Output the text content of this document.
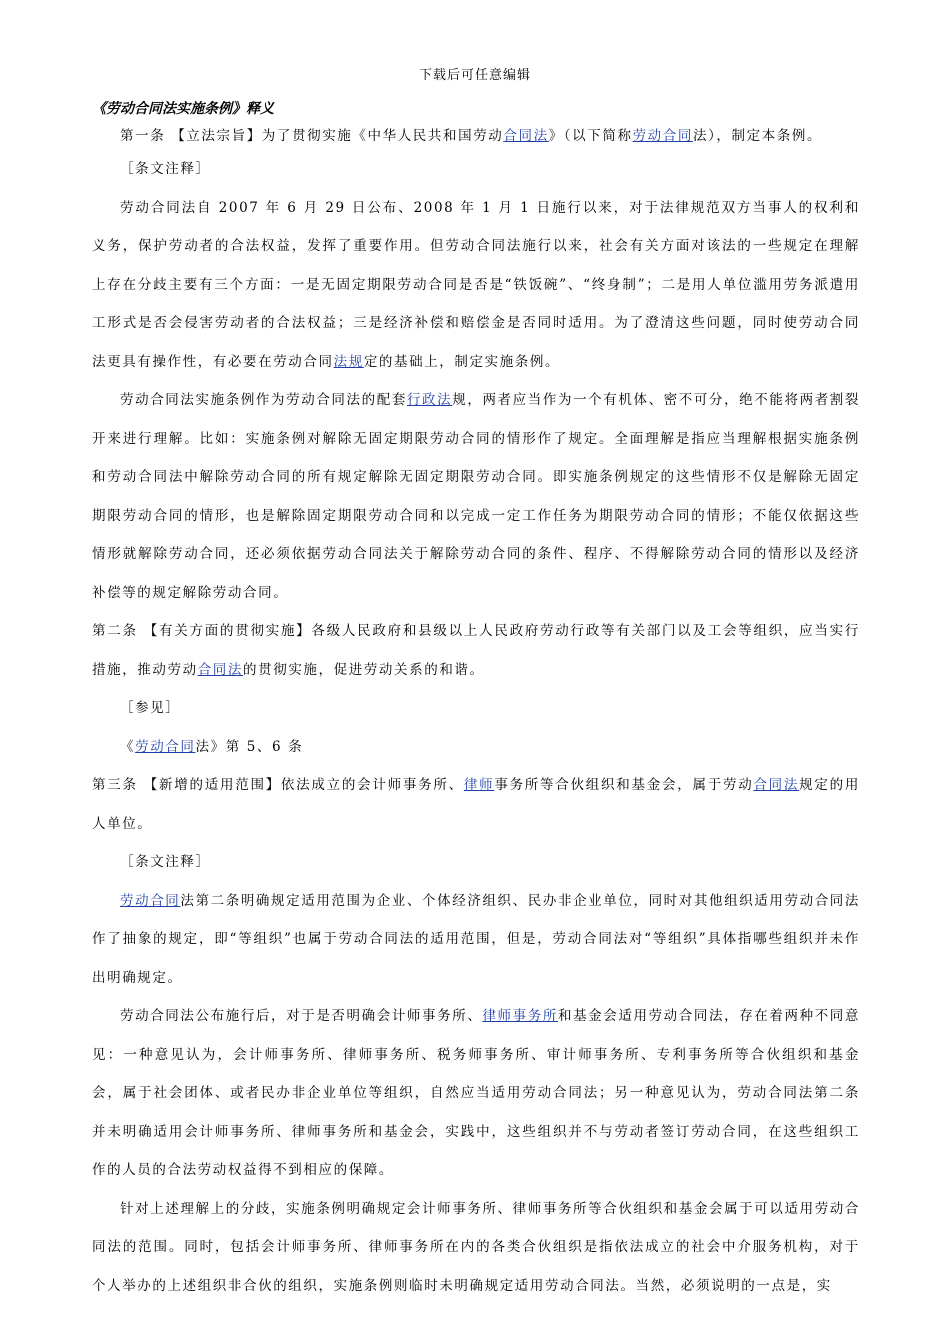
下载后可任意编辑
《劳动合同法实施条例》释义

第一条 【立法宗旨】为了贯彻实施《中华人民共和国劳动合同法》（以下简称劳动合同法），制定本条例。

［条文注释］

劳动合同法自 2007 年 6 月 29 日公布、2008 年 1 月 1 日施行以来，对于法律规范双方当事人的权利和义务，保护劳动者的合法权益，发挥了重要作用。但劳动合同法施行以来，社会有关方面对该法的一些规定在理解上存在分歧主要有三个方面：一是无固定期限劳动合同是否是“铁饭碗”、“终身制”；二是用人单位滥用劳务派遣用工形式是否会侵害劳动者的合法权益；三是经济补偿和赔偿金是否同时适用。为了澄清这些问题，同时使劳动合同法更具有操作性，有必要在劳动合同法规定的基础上，制定实施条例。

劳动合同法实施条例作为劳动合同法的配套行政法规，两者应当作为一个有机体、密不可分，绝不能将两者割裂开来进行理解。比如：实施条例对解除无固定期限劳动合同的情形作了规定。全面理解是指应当理解根据实施条例和劳动合同法中解除劳动合同的所有规定解除无固定期限劳动合同。即实施条例规定的这些情形不仅是解除无固定期限劳动合同的情形，也是解除固定期限劳动合同和以完成一定工作任务为期限劳动合同的情形；不能仅依据这些情形就解除劳动合同，还必须依据劳动合同法关于解除劳动合同的条件、程序、不得解除劳动合同的情形以及经济补偿等的规定解除劳动合同。

第二条 【有关方面的贯彻实施】各级人民政府和县级以上人民政府劳动行政等有关部门以及工会等组织，应当实行措施，推动劳动合同法的贯彻实施，促进劳动关系的和谐。

［参见］

《劳动合同法》第 5、6 条

第三条 【新增的适用范围】依法成立的会计师事务所、律师事务所等合伙组织和基金会，属于劳动合同法规定的用人单位。

［条文注释］

劳动合同法第二条明确规定适用范围为企业、个体经济组织、民办非企业单位，同时对其他组织适用劳动合同法作了抽象的规定，即“等组织”也属于劳动合同法的适用范围，但是，劳动合同法对“等组织”具体指哪些组织并未作出明确规定。

劳动合同法公布施行后，对于是否明确会计师事务所、律师事务所和基金会适用劳动合同法，存在着两种不同意见：一种意见认为，会计师事务所、律师事务所、税务师事务所、审计师事务所、专利事务所等合伙组织和基金会，属于社会团体、或者民办非企业单位等组织，自然应当适用劳动合同法；另一种意见认为，劳动合同法第二条并未明确适用会计师事务所、律师事务所和基金会，实践中，这些组织并不与劳动者签订劳动合同，在这些组织工作的人员的合法劳动权益得不到相应的保障。

针对上述理解上的分歧，实施条例明确规定会计师事务所、律师事务所等合伙组织和基金会属于可以适用劳动合同法的范围。同时，包括会计师事务所、律师事务所在内的各类合伙组织是指依法成立的社会中介服务机构，对于个人举办的上述组织非合伙的组织，实施条例则临时未明确规定适用劳动合同法。当然，必须说明的一点是，实
